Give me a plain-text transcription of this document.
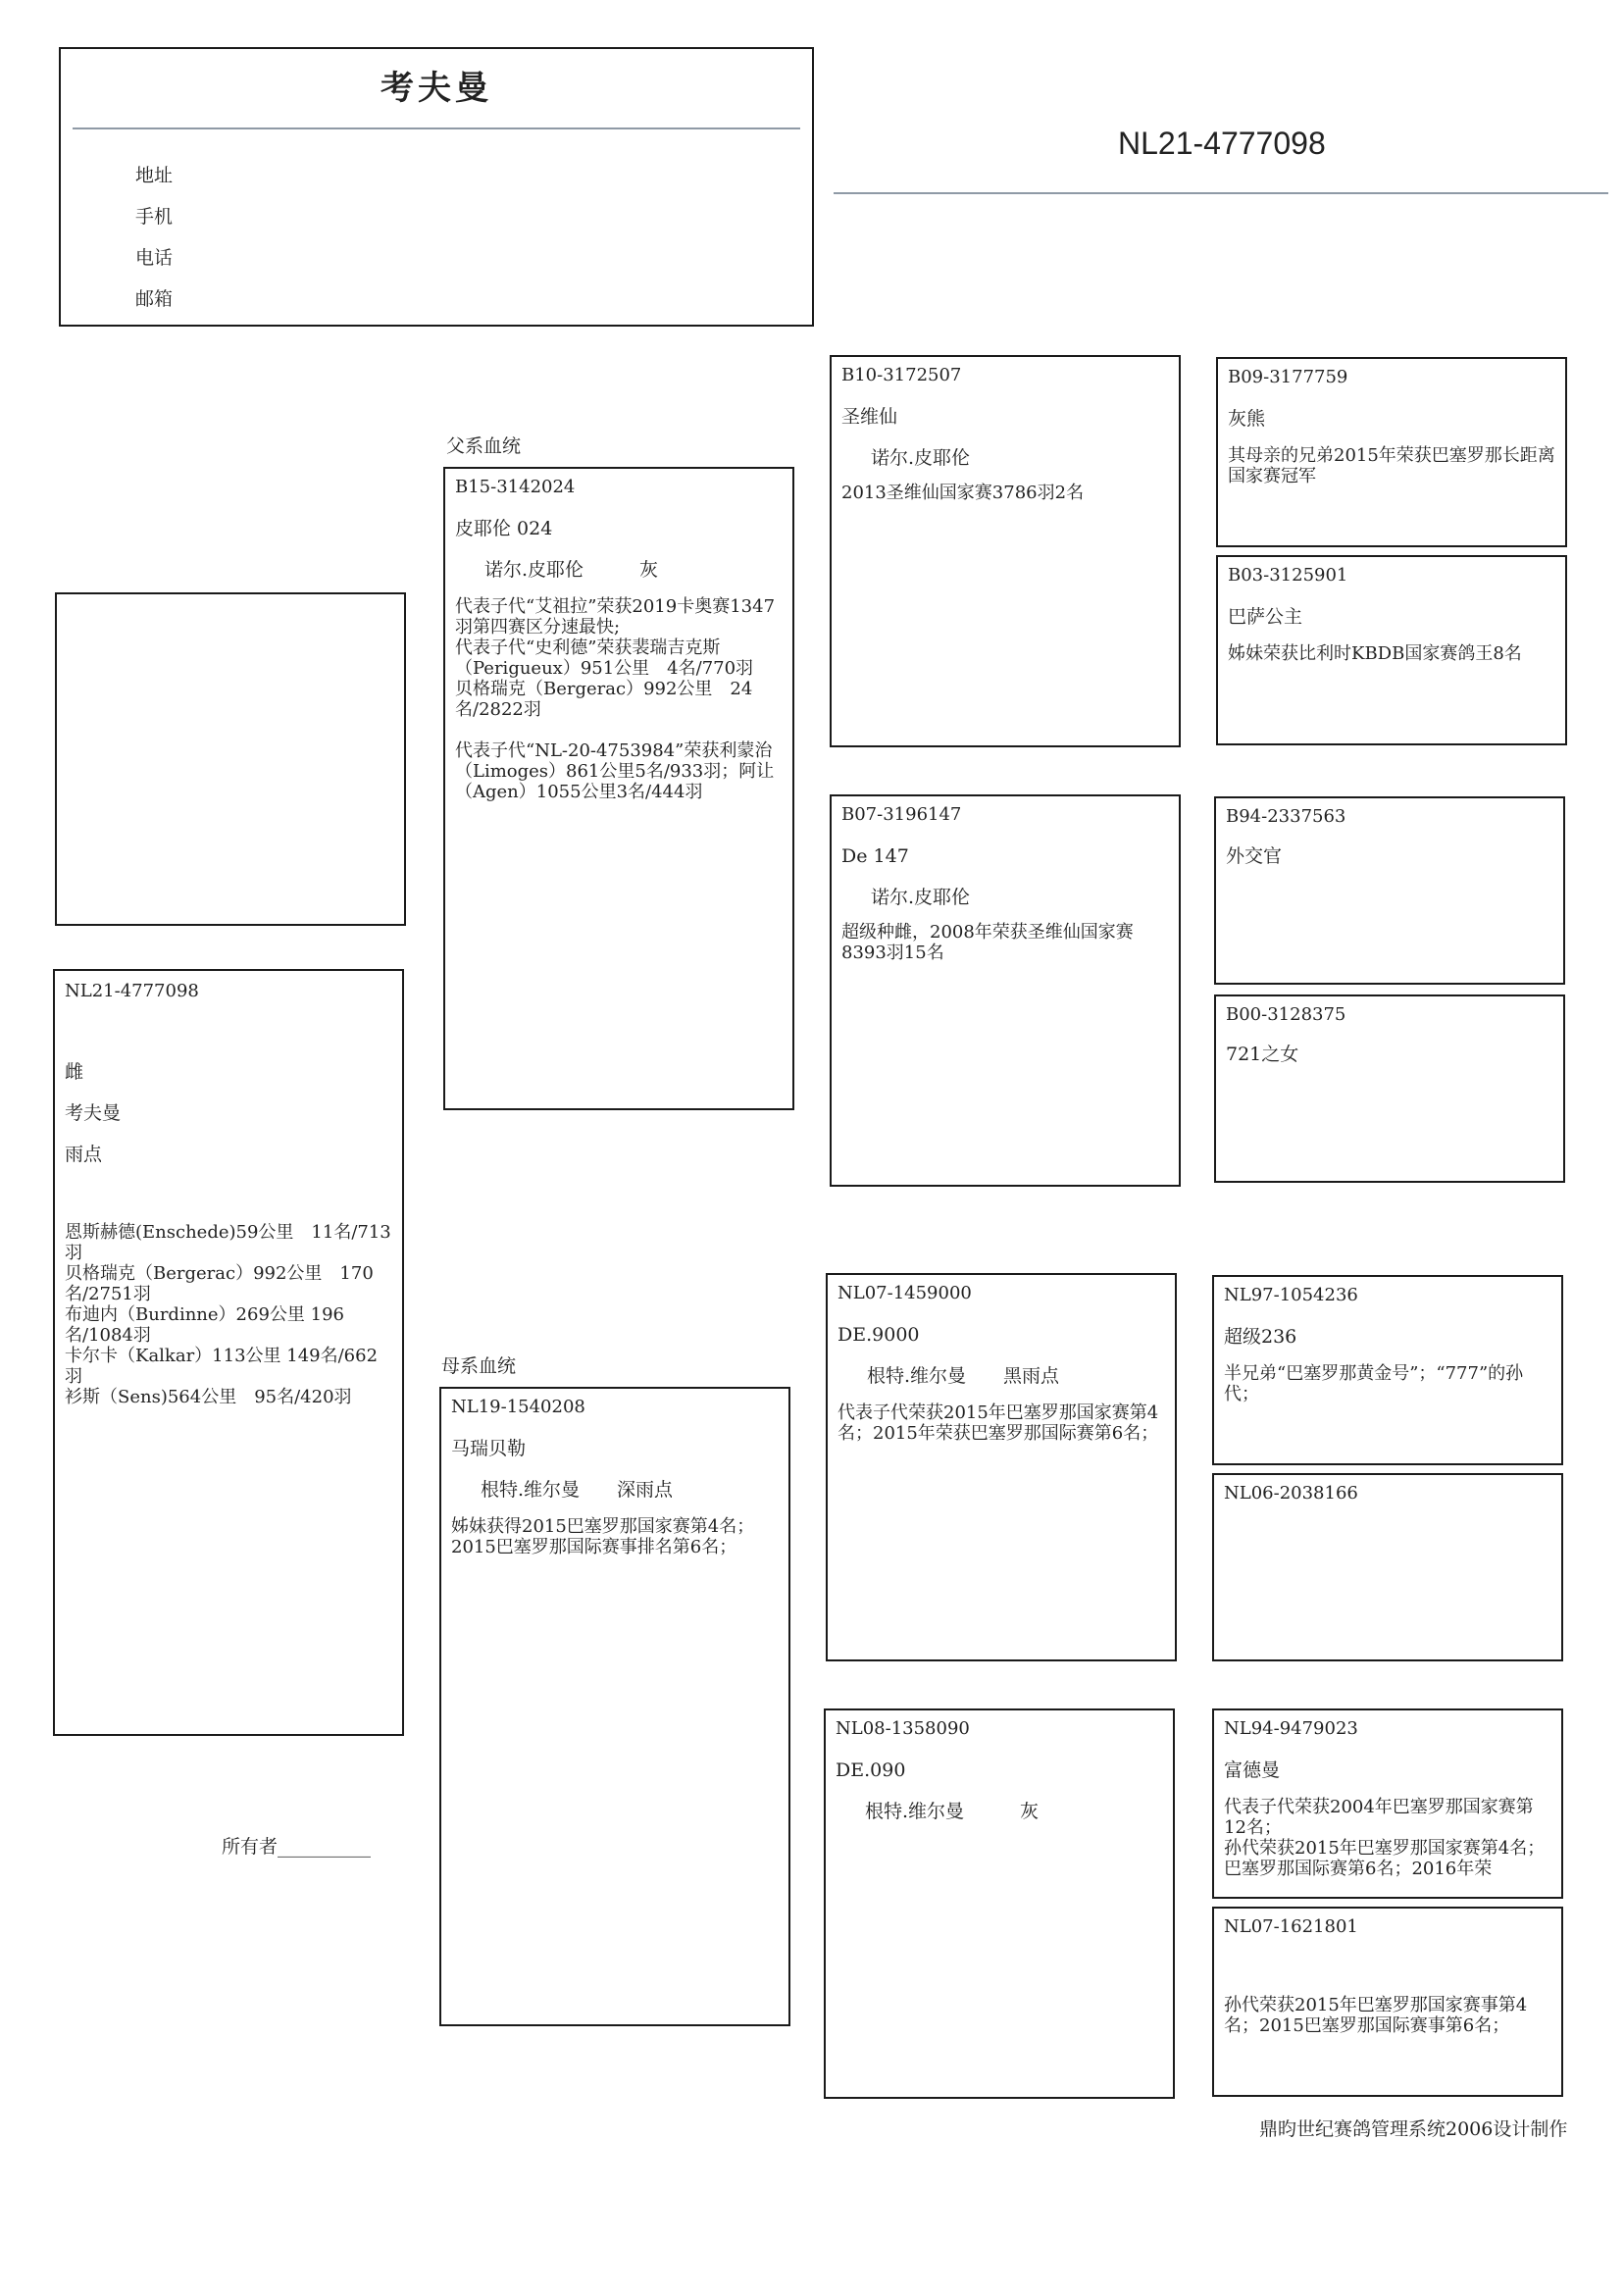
考夫曼
地址
手机
电话
邮箱
NL21-4777098
NL21-4777098
雌
考夫曼
雨点
恩斯赫德(Enschede)59公里　11名/713羽
贝格瑞克（Bergerac）992公里　170名/2751羽
布迪内（Burdinne）269公里 196名/1084羽
卡尔卡（Kalkar）113公里 149名/662羽
衫斯（Sens)564公里　95名/420羽
父系血统
母系血统
B15-3142024
皮耶伦 024
诺尔.皮耶伦　　　灰
代表子代“艾祖拉”荣获2019卡奥赛1347羽第四赛区分速最快;
代表子代“史利德”荣获裴瑞吉克斯（Perigueux）951公里　4名/770羽
贝格瑞克（Bergerac）992公里　24名/2822羽

代表子代“NL-20-4753984”荣获利蒙治（Limoges）861公里5名/933羽；阿让（Agen）1055公里3名/444羽
NL19-1540208
马瑞贝勒
根特.维尔曼　　深雨点
姊妹获得2015巴塞罗那国家赛第4名；2015巴塞罗那国际赛事排名第6名；
B10-3172507
圣维仙
诺尔.皮耶伦
2013圣维仙国家赛3786羽2名
B07-3196147
De 147
诺尔.皮耶伦
超级种雌，2008年荣获圣维仙国家赛8393羽15名
NL07-1459000
DE.9000
根特.维尔曼　　黑雨点
代表子代荣获2015年巴塞罗那国家赛第4名；2015年荣获巴塞罗那国际赛第6名；
NL08-1358090
DE.090
根特.维尔曼　　　灰
B09-3177759
灰熊
其母亲的兄弟2015年荣获巴塞罗那长距离国家赛冠军
B03-3125901
巴萨公主
姊妹荣获比利时KBDB国家赛鸽王8名
B94-2337563
外交官
B00-3128375
721之女
NL97-1054236
超级236
半兄弟“巴塞罗那黄金号”；“777”的孙代；
NL06-2038166
NL94-9479023
富德曼
代表子代荣获2004年巴塞罗那国家赛第12名；
孙代荣获2015年巴塞罗那国家赛第4名；巴塞罗那国际赛第6名；2016年荣
NL07-1621801
孙代荣获2015年巴塞罗那国家赛事第4名；2015巴塞罗那国际赛事第6名；
所有者__________
鼎昀世纪赛鸽管理系统2006设计制作
